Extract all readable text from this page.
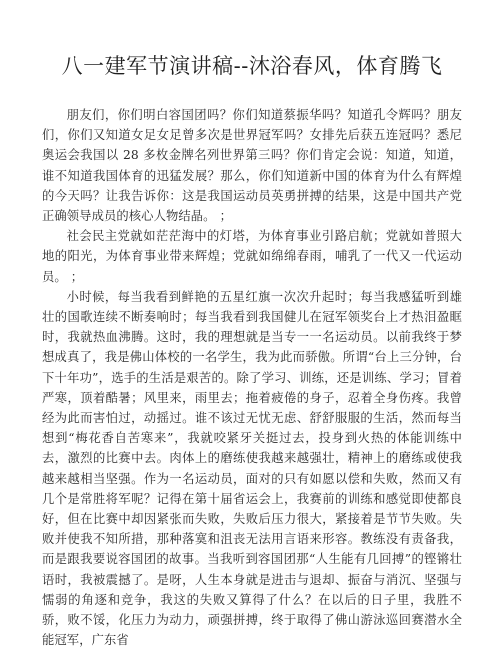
八一建军节演讲稿--沐浴春风，体育腾飞

朋友们，你们明白容国团吗？你们知道蔡振华吗？知道孔令辉吗？朋友们，你们又知道女足女足曾多次是世界冠军吗？女排先后获五连冠吗？悉尼奥运会我国以 28 多枚金牌名列世界第三吗？你们肯定会说：知道，知道，谁不知道我国体育的迅猛发展？那么，你们知道新中国的体育为什么有辉煌的今天吗？让我告诉你：这是我国运动员英勇拼搏的结果，这是中国共产党正确领导成员的核心人物结晶。 ；

社会民主党就如茫茫海中的灯塔，为体育事业引路启航；党就如普照大地的阳光，为体育事业带来辉煌；党就如绵绵春雨，哺乳了一代又一代运动员。 ；

小时候，每当我看到鲜艳的五星红旗一次次升起时；每当我感猛听到雄壮的国歌连续不断奏响时；每当我看到我国健儿在冠军领奖台上才热泪盈眶时，我就热血沸腾。这时，我的理想就是当专一一名运动员。以前我终于梦想成真了，我是佛山体校的一名学生，我为此而骄傲。所谓“台上三分钟，台下十年功”，选手的生活是艰苦的。除了学习、训练，还是训练、学习；冒着严寒，顶着酷暑；风里来，雨里去；拖着疲倦的身子，忍着全身伤疼。我曾经为此而害怕过，动摇过。谁不该过无忧无虑、舒舒服服的生活，然而每当想到“梅花香自苦寒来”，我就咬紧牙关挺过去，投身到火热的体能训练中去，激烈的比赛中去。肉体上的磨练使我越来越强壮，精神上的磨练或使我越来越相当坚强。作为一名运动员，面对的只有如愿以偿和失败，然而又有几个是常胜将军呢？记得在第十届省运会上，我赛前的训练和感觉即使都良好，但在比赛中却因紧张而失败，失败后压力很大，紧接着是节节失败。失败并使我不知所措，那种落寞和沮丧无法用言语来形容。教练没有责备我，而是跟我要说容国团的故事。当我听到容国团那“人生能有几回搏”的铿锵壮语时，我被震撼了。是呀，人生本身就是进击与退却、振奋与消沉、坚强与懦弱的角逐和竞争，我这的失败又算得了什么？在以后的日子里，我胜不骄，败不馁，化压力为动力，顽强拼搏，终于取得了佛山游泳巡回赛潜水全能冠军，广东省
